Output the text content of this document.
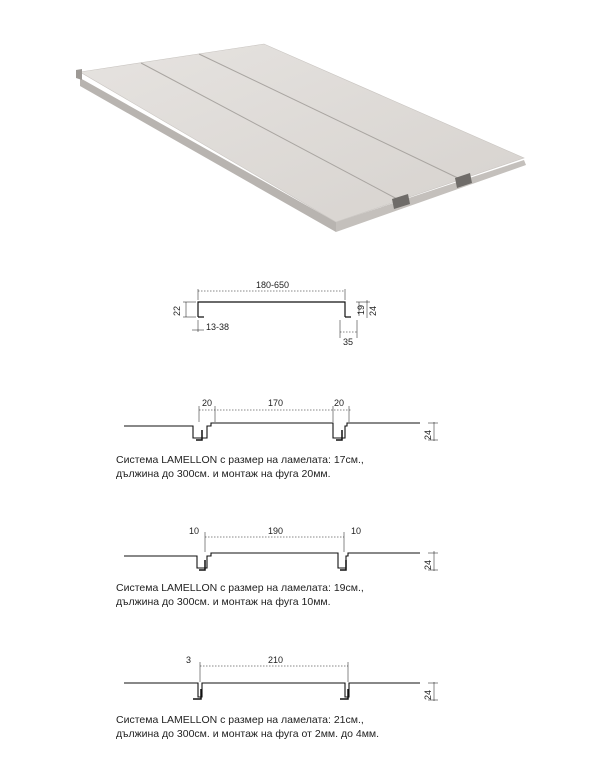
180-650
22
13-38
19 24
35
20	170	20
24
10	190	10
24
3	210
24
Система LAMELLON с размер на ламелата: 17см.,
дължина до 300см. и монтаж на фуга 20мм.
Система LAMELLON с размер на ламелата: 19см.,
дължина до 300см. и монтаж на фуга 10мм.
Система LAMELLON с размер на ламелата: 21см.,
дължина до 300см. и монтаж на фуга от 2мм. до 4мм.
